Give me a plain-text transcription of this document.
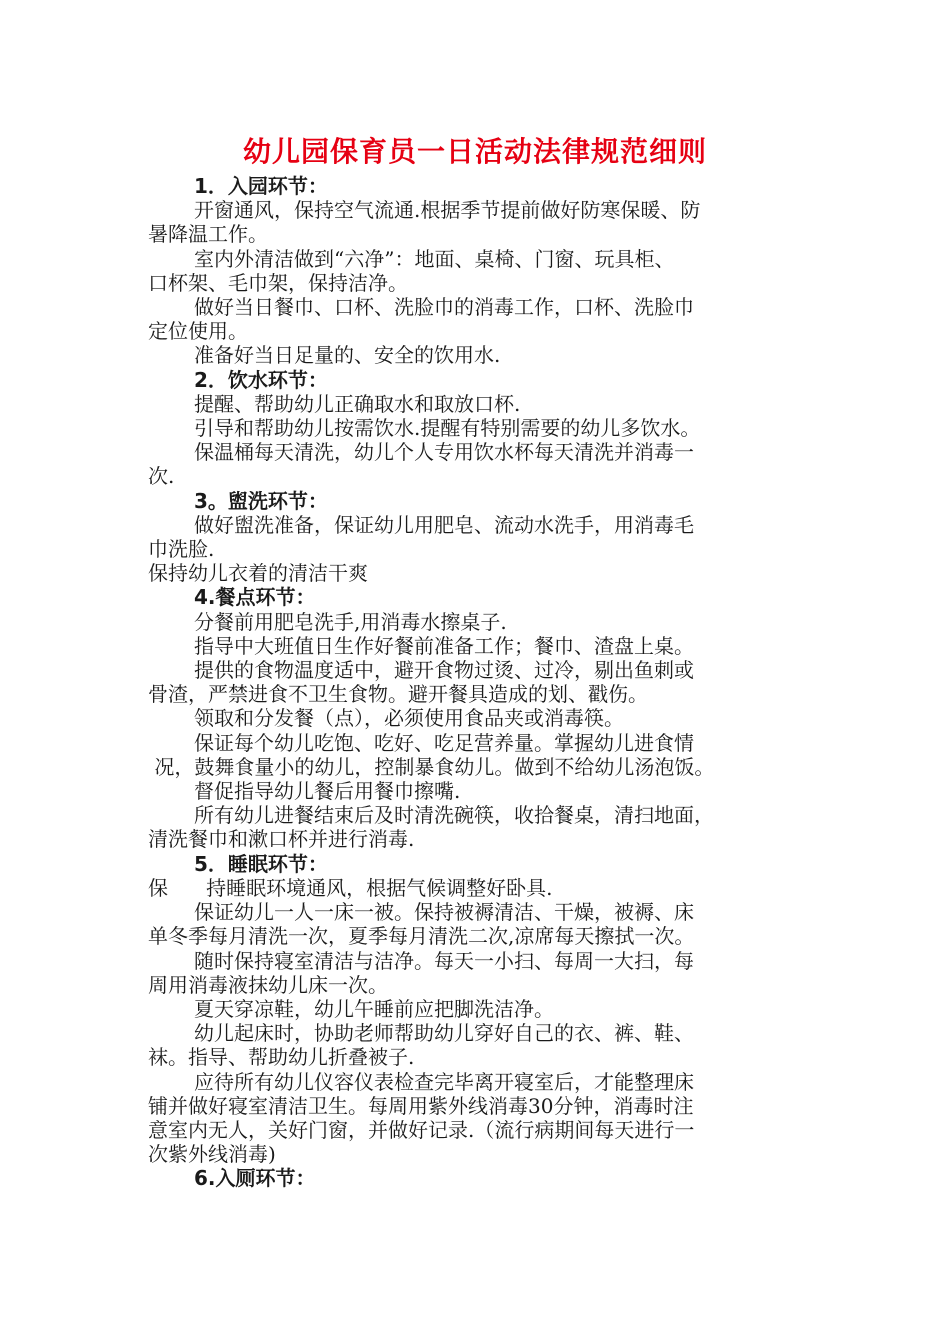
幼儿园保育员一日活动法律规范细则

1．入园环节：

开窗通风，保持空气流通.根据季节提前做好防寒保暖、防

暑降温工作。

室内外清洁做到“六净”：地面、桌椅、门窗、玩具柜、

口杯架、毛巾架，保持洁净。

做好当日餐巾、口杯、洗脸巾的消毒工作，口杯、洗脸巾

定位使用。

准备好当日足量的、安全的饮用水.

2．饮水环节：

提醒、帮助幼儿正确取水和取放口杯.

引导和帮助幼儿按需饮水.提醒有特别需要的幼儿多饮水。

保温桶每天清洗，幼儿个人专用饮水杯每天清洗并消毒一

次.

3。盥洗环节：

做好盥洗准备，保证幼儿用肥皂、流动水洗手，用消毒毛

巾洗脸.

保持幼儿衣着的清洁干爽

4.餐点环节：

分餐前用肥皂洗手,用消毒水擦桌子.

指导中大班值日生作好餐前准备工作；餐巾、渣盘上桌。

提供的食物温度适中，避开食物过烫、过冷，剔出鱼刺或

骨渣，严禁进食不卫生食物。避开餐具造成的划、戳伤。

领取和分发餐（点），必须使用食品夹或消毒筷。

保证每个幼儿吃饱、吃好、吃足营养量。掌握幼儿进食情

况，鼓舞食量小的幼儿，控制暴食幼儿。做到不给幼儿汤泡饭。

督促指导幼儿餐后用餐巾擦嘴.

所有幼儿进餐结束后及时清洗碗筷，收拾餐桌，清扫地面，

清洗餐巾和漱口杯并进行消毒.

5．睡眠环节：

保      持睡眠环境通风，根据气候调整好卧具.

保证幼儿一人一床一被。保持被褥清洁、干燥，被褥、床

单冬季每月清洗一次，夏季每月清洗二次,凉席每天擦拭一次。

随时保持寝室清洁与洁净。每天一小扫、每周一大扫，每

周用消毒液抹幼儿床一次。

夏天穿凉鞋，幼儿午睡前应把脚洗洁净。

幼儿起床时，协助老师帮助幼儿穿好自己的衣、裤、鞋、

袜。指导、帮助幼儿折叠被子.

应待所有幼儿仪容仪表检查完毕离开寝室后，才能整理床

铺并做好寝室清洁卫生。每周用紫外线消毒30分钟，消毒时注

意室内无人，关好门窗，并做好记录.（流行病期间每天进行一

次紫外线消毒)

6.入厕环节：
